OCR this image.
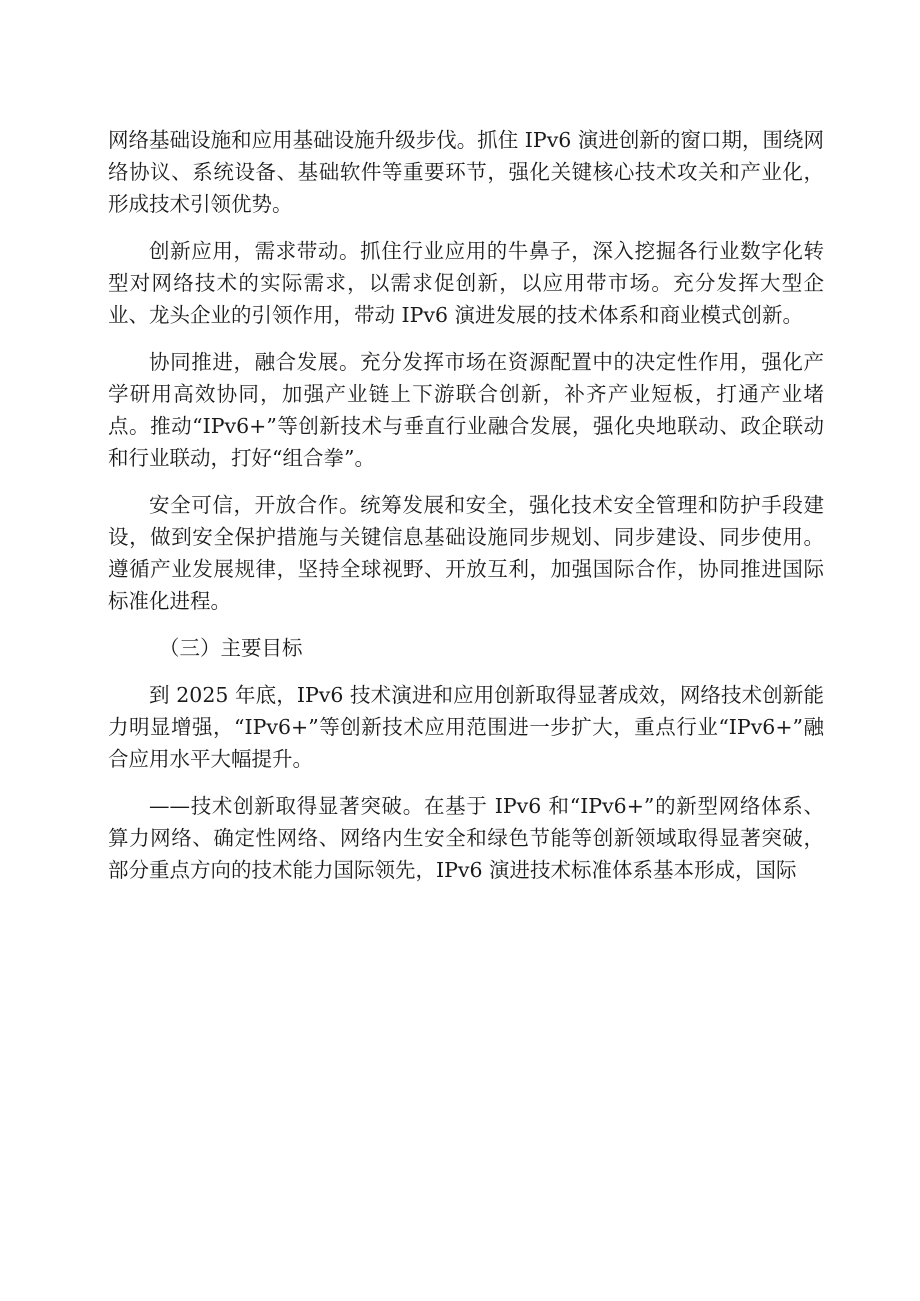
网络基础设施和应用基础设施升级步伐。抓住 IPv6 演进创新的窗口期，围绕网络协议、系统设备、基础软件等重要环节，强化关键核心技术攻关和产业化，形成技术引领优势。

创新应用，需求带动。抓住行业应用的牛鼻子，深入挖掘各行业数字化转型对网络技术的实际需求，以需求促创新，以应用带市场。充分发挥大型企业、龙头企业的引领作用，带动 IPv6 演进发展的技术体系和商业模式创新。

协同推进，融合发展。充分发挥市场在资源配置中的决定性作用，强化产学研用高效协同，加强产业链上下游联合创新，补齐产业短板，打通产业堵点。推动“IPv6+”等创新技术与垂直行业融合发展，强化央地联动、政企联动和行业联动，打好“组合拳”。

安全可信，开放合作。统筹发展和安全，强化技术安全管理和防护手段建设，做到安全保护措施与关键信息基础设施同步规划、同步建设、同步使用。遵循产业发展规律，坚持全球视野、开放互利，加强国际合作，协同推进国际标准化进程。

（三）主要目标

到 2025 年底，IPv6 技术演进和应用创新取得显著成效，网络技术创新能力明显增强，“IPv6+”等创新技术应用范围进一步扩大，重点行业“IPv6+”融合应用水平大幅提升。

——技术创新取得显著突破。在基于 IPv6 和“IPv6+”的新型网络体系、算力网络、确定性网络、网络内生安全和绿色节能等创新领域取得显著突破，部分重点方向的技术能力国际领先，IPv6 演进技术标准体系基本形成，国际
